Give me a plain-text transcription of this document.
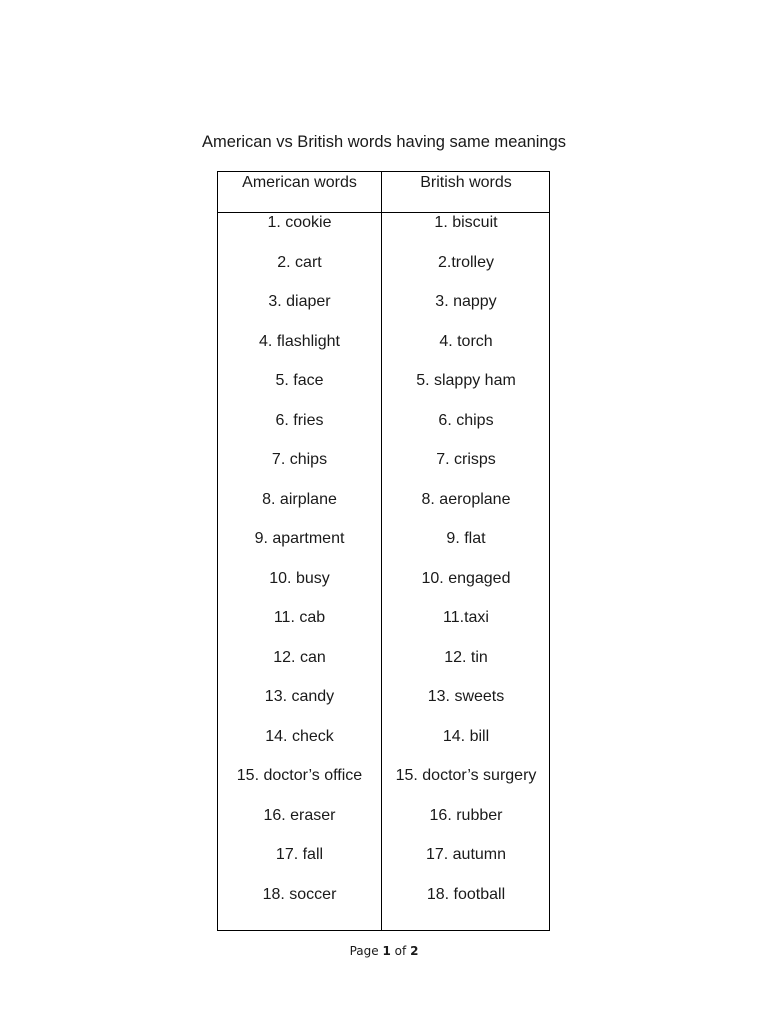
American vs British words having same meanings
American words	British words
1. cookie
2. cart
3. diaper
4. flashlight
5. face
6. fries
7. chips
8. airplane
9. apartment
10. busy
11. cab
12. can
13. candy
14. check
15. doctor’s office
16. eraser
17. fall
18. soccer
1. biscuit
2.trolley
3. nappy
4. torch
5. slappy ham
6. chips
7. crisps
8. aeroplane
9. flat
10. engaged
11.taxi
12. tin
13. sweets
14. bill
15. doctor’s surgery
16. rubber
17. autumn
18. football
Page 1 of 2
